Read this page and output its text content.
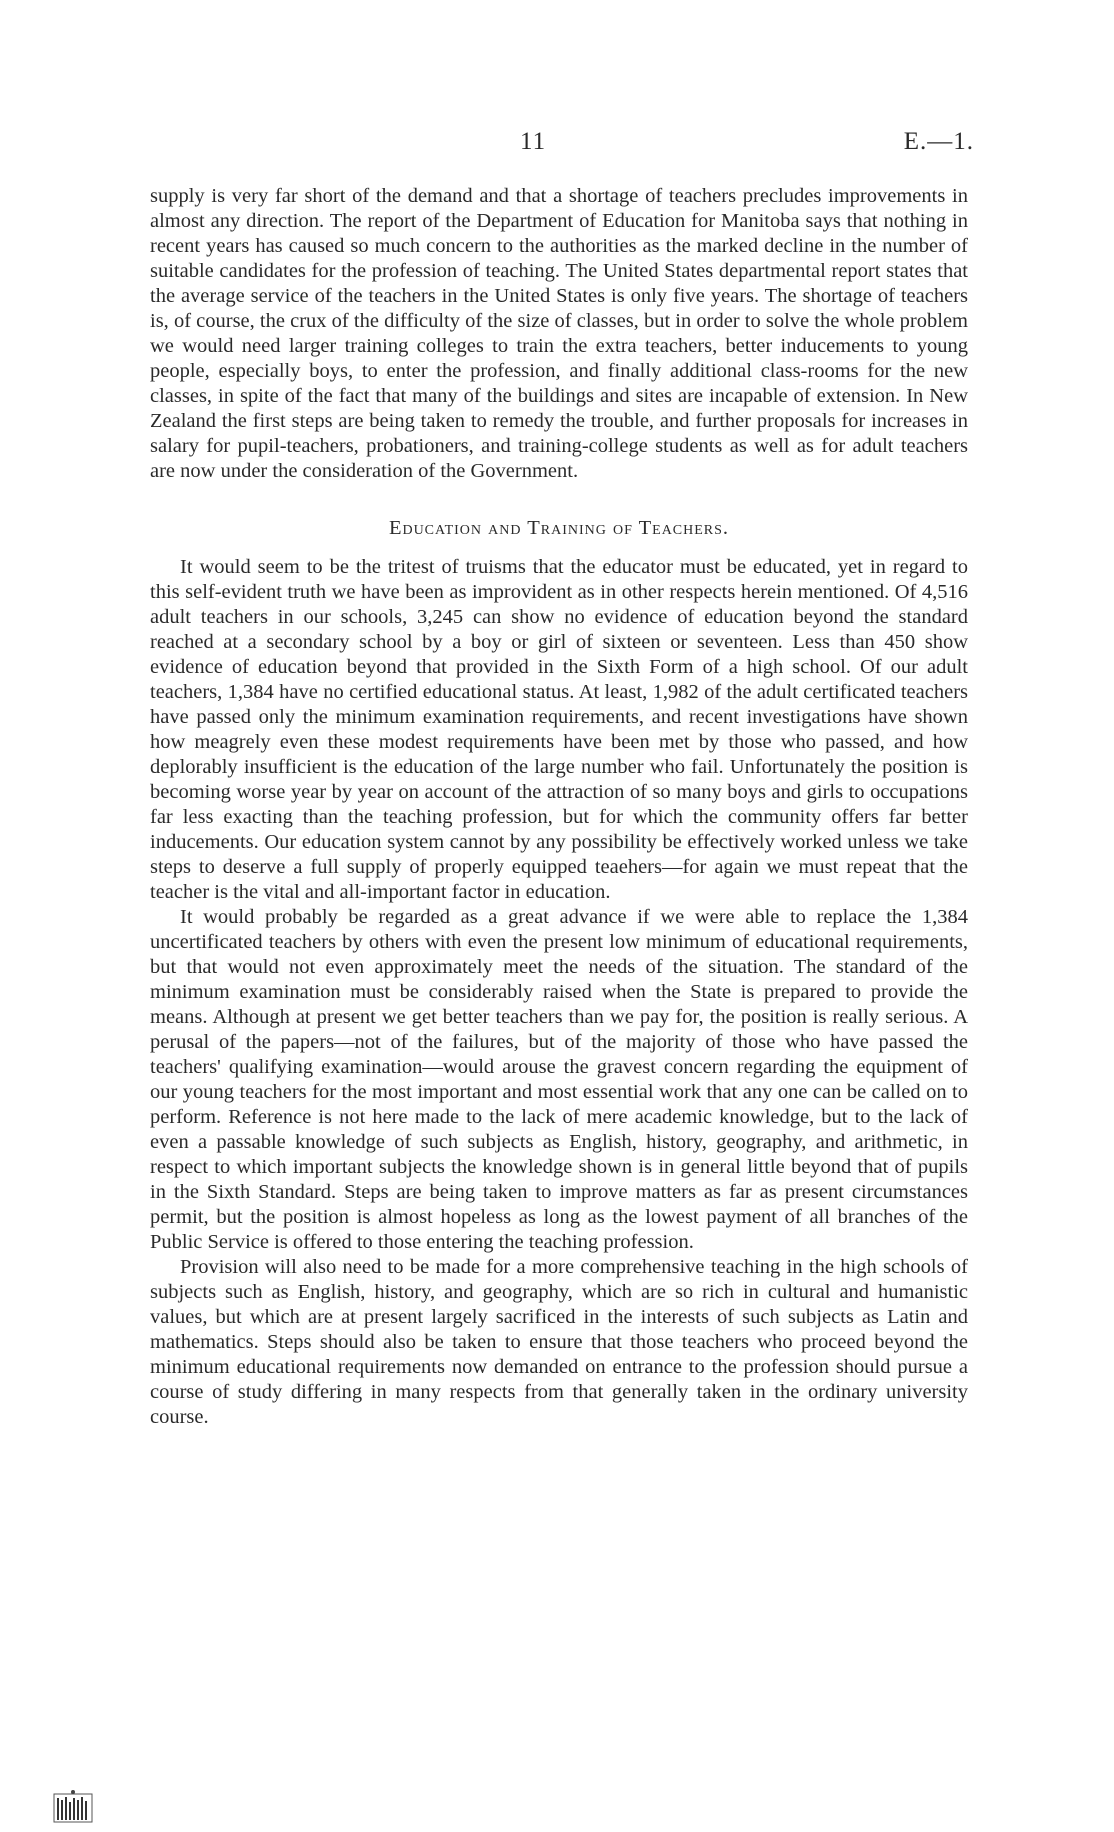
11	E.—1.

supply is very far short of the demand and that a shortage of teachers precludes improvements in almost any direction. The report of the Department of Education for Manitoba says that nothing in recent years has caused so much concern to the authorities as the marked decline in the number of suitable candidates for the profession of teaching. The United States departmental report states that the average service of the teachers in the United States is only five years. The shortage of teachers is, of course, the crux of the difficulty of the size of classes, but in order to solve the whole problem we would need larger training colleges to train the extra teachers, better inducements to young people, especially boys, to enter the profession, and finally additional class-rooms for the new classes, in spite of the fact that many of the buildings and sites are incapable of extension. In New Zealand the first steps are being taken to remedy the trouble, and further proposals for increases in salary for pupil-teachers, probationers, and training-college students as well as for adult teachers are now under the consideration of the Government.

Education and Training of Teachers.

It would seem to be the tritest of truisms that the educator must be educated, yet in regard to this self-evident truth we have been as improvident as in other respects herein mentioned. Of 4,516 adult teachers in our schools, 3,245 can show no evidence of education beyond the standard reached at a secondary school by a boy or girl of sixteen or seventeen. Less than 450 show evidence of education beyond that provided in the Sixth Form of a high school. Of our adult teachers, 1,384 have no certified educational status. At least, 1,982 of the adult certificated teachers have passed only the minimum examination requirements, and recent investigations have shown how meagrely even these modest requirements have been met by those who passed, and how deplorably insufficient is the education of the large number who fail. Unfortunately the position is becoming worse year by year on account of the attraction of so many boys and girls to occupations far less exacting than the teaching profession, but for which the community offers far better inducements. Our education system cannot by any possibility be effectively worked unless we take steps to deserve a full supply of properly equipped teaehers—for again we must repeat that the teacher is the vital and all-important factor in education.

It would probably be regarded as a great advance if we were able to replace the 1,384 uncertificated teachers by others with even the present low minimum of educational requirements, but that would not even approximately meet the needs of the situation. The standard of the minimum examination must be considerably raised when the State is prepared to provide the means. Although at present we get better teachers than we pay for, the position is really serious. A perusal of the papers—not of the failures, but of the majority of those who have passed the teachers' qualifying examination—would arouse the gravest concern regarding the equipment of our young teachers for the most important and most essential work that any one can be called on to perform. Reference is not here made to the lack of mere academic knowledge, but to the lack of even a passable knowledge of such subjects as English, history, geography, and arithmetic, in respect to which important subjects the knowledge shown is in general little beyond that of pupils in the Sixth Standard. Steps are being taken to improve matters as far as present circumstances permit, but the position is almost hopeless as long as the lowest payment of all branches of the Public Service is offered to those entering the teaching profession.

Provision will also need to be made for a more comprehensive teaching in the high schools of subjects such as English, history, and geography, which are so rich in cultural and humanistic values, but which are at present largely sacrificed in the interests of such subjects as Latin and mathematics. Steps should also be taken to ensure that those teachers who proceed beyond the minimum educational requirements now demanded on entrance to the profession should pursue a course of study differing in many respects from that generally taken in the ordinary university course.
